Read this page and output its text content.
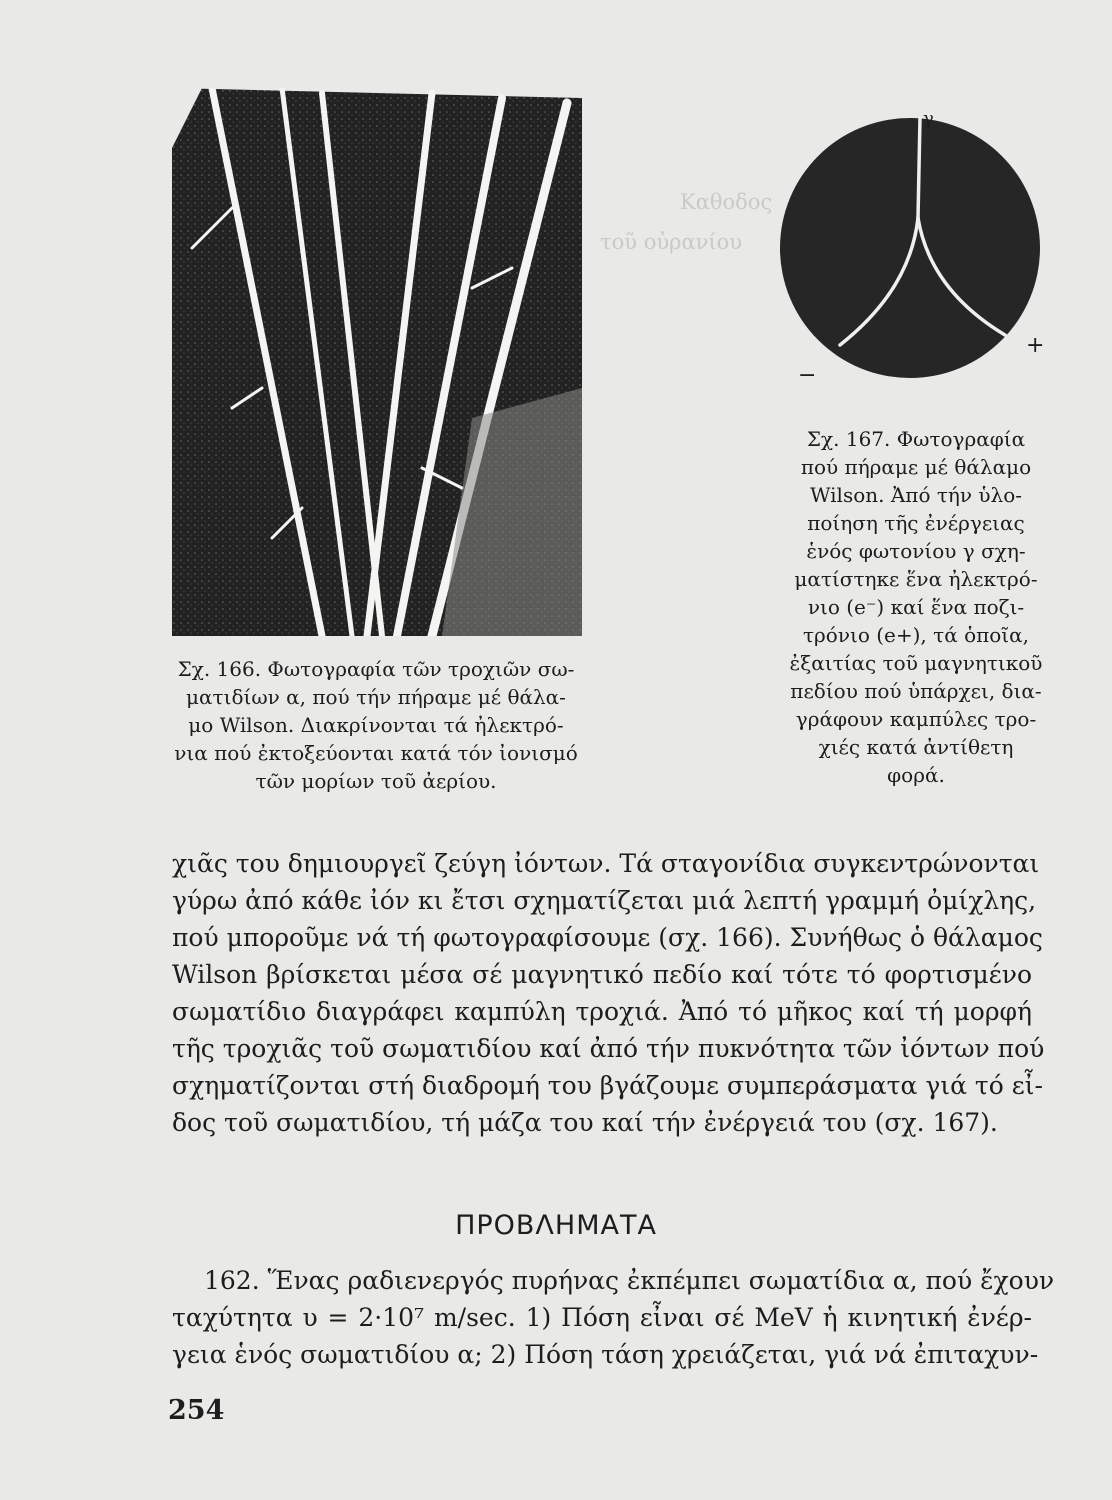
Καθοδος
τοῦ οὐρανίου
γ
−
+
Σχ. 167. Φωτογραφία
πού πήραμε μέ θάλαμο
Wilson. Ἀπό τήν ὑλο-
ποίηση τῆς ἐνέργειας
ἑνός φωτονίου γ σχη-
ματίστηκε ἕνα ἠλεκτρό-
νιο (e⁻) καί ἕνα ποζι-
τρόνιο (e+), τά ὁποῖα,
ἐξαιτίας τοῦ μαγνητικοῦ
πεδίου πού ὑπάρχει, δια-
γράφουν καμπύλες τρο-
χιές κατά ἀντίθετη
φορά.
Σχ. 166. Φωτογραφία τῶν τροχιῶν σω-
ματιδίων α, πού τήν πήραμε μέ θάλα-
μο Wilson. Διακρίνονται τά ἠλεκτρό-
νια πού ἐκτοξεύονται κατά τόν ἰονισμό
τῶν μορίων τοῦ ἀερίου.
χιᾶς του δημιουργεῖ ζεύγη ἰόντων. Τά σταγονίδια συγκεντρώνονται
γύρω ἀπό κάθε ἰόν κι ἔτσι σχηματίζεται μιά λεπτή γραμμή ὀμίχλης,
πού μποροῦμε νά τή φωτογραφίσουμε (σχ. 166). Συνήθως ὁ θάλαμος
Wilson βρίσκεται μέσα σέ μαγνητικό πεδίο καί τότε τό φορτισμένο
σωματίδιο διαγράφει καμπύλη τροχιά. Ἀπό τό μῆκος καί τή μορφή
τῆς τροχιᾶς τοῦ σωματιδίου καί ἀπό τήν πυκνότητα τῶν ἰόντων πού
σχηματίζονται στή διαδρομή του βγάζουμε συμπεράσματα γιά τό εἶ-
δος τοῦ σωματιδίου, τή μάζα του καί τήν ἐνέργειά του (σχ. 167).
ΠΡΟΒΛΗΜΑΤΑ
162. Ἕνας ραδιενεργός πυρήνας ἐκπέμπει σωματίδια α, πού ἔχουν
ταχύτητα υ = 2·10⁷ m/sec. 1) Πόση εἶναι σέ MeV ἡ κινητική ἐνέρ-
γεια ἑνός σωματιδίου α; 2) Πόση τάση χρειάζεται, γιά νά ἐπιταχυν-
254
